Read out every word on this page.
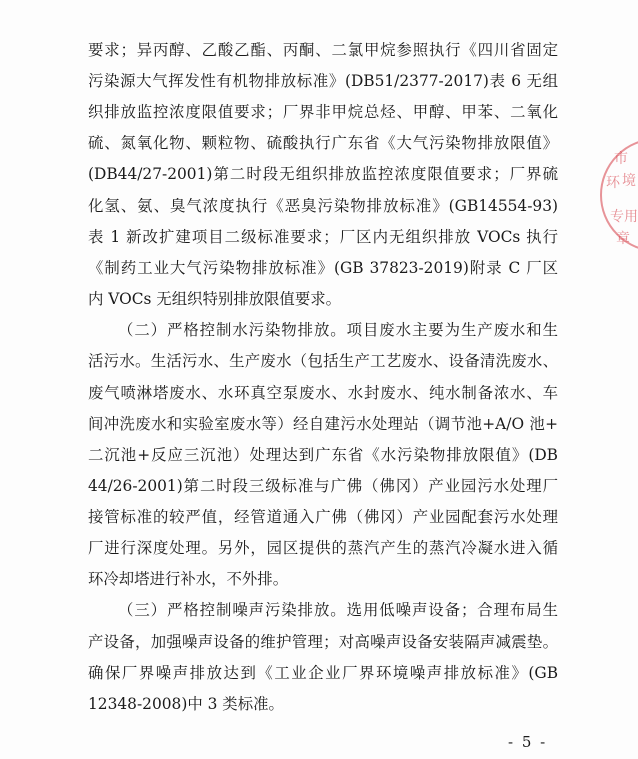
要求；异丙醇、乙酸乙酯、丙酮、二氯甲烷参照执行《四川省固定
污染源大气挥发性有机物排放标准》(DB51/2377-2017)表 6 无组
织排放监控浓度限值要求；厂界非甲烷总烃、甲醇、甲苯、二氧化
硫、氮氧化物、颗粒物、硫酸执行广东省《大气污染物排放限值》
(DB44/27-2001)第二时段无组织排放监控浓度限值要求；厂界硫
化氢、氨、臭气浓度执行《恶臭污染物排放标准》(GB14554-93)
表 1 新改扩建项目二级标准要求；厂区内无组织排放 VOCs 执行
《制药工业大气污染物排放标准》(GB 37823-2019)附录 C 厂区
内 VOCs 无组织特别排放限值要求。
（二）严格控制水污染物排放。项目废水主要为生产废水和生
活污水。生活污水、生产废水（包括生产工艺废水、设备清洗废水、
废气喷淋塔废水、水环真空泵废水、水封废水、纯水制备浓水、车
间冲洗废水和实验室废水等）经自建污水处理站（调节池+A/O 池+
二沉池+反应三沉池）处理达到广东省《水污染物排放限值》(DB
44/26-2001)第二时段三级标准与广佛（佛冈）产业园污水处理厂
接管标准的较严值，经管道通入广佛（佛冈）产业园配套污水处理
厂进行深度处理。另外，园区提供的蒸汽产生的蒸汽冷凝水进入循
环冷却塔进行补水，不外排。
（三）严格控制噪声污染排放。选用低噪声设备；合理布局生
产设备，加强噪声设备的维护管理；对高噪声设备安装隔声减震垫。
确保厂界噪声排放达到《工业企业厂界环境噪声排放标准》(GB
12348-2008)中 3 类标准。
市
境
环
专用
章
- 5 -
